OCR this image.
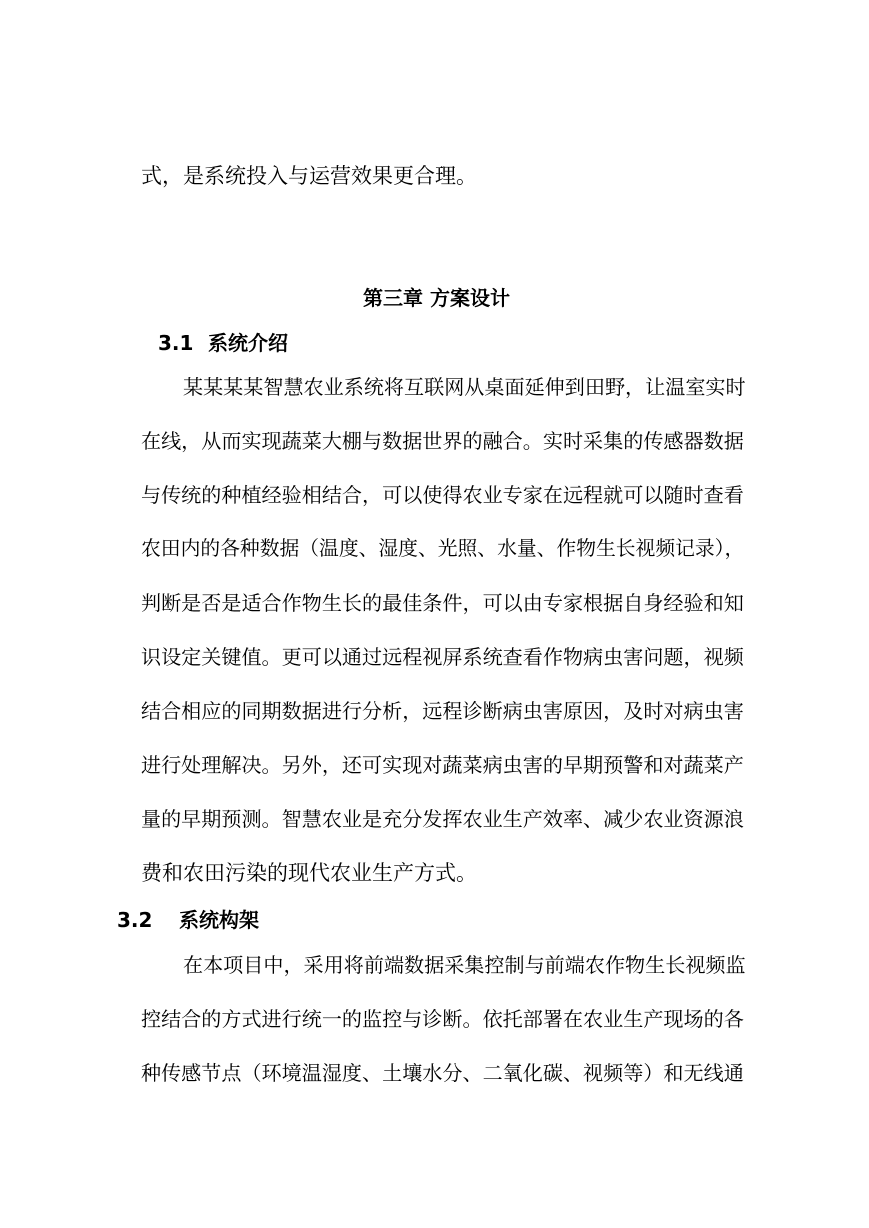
式，是系统投入与运营效果更合理。
第三章 方案设计
3.1 系统介绍
某某某某智慧农业系统将互联网从桌面延伸到田野，让温室实时
在线，从而实现蔬菜大棚与数据世界的融合。实时采集的传感器数据
与传统的种植经验相结合，可以使得农业专家在远程就可以随时查看
农田内的各种数据（温度、湿度、光照、水量、作物生长视频记录），
判断是否是适合作物生长的最佳条件，可以由专家根据自身经验和知
识设定关键值。更可以通过远程视屏系统查看作物病虫害问题，视频
结合相应的同期数据进行分析，远程诊断病虫害原因，及时对病虫害
进行处理解决。另外，还可实现对蔬菜病虫害的早期预警和对蔬菜产
量的早期预测。智慧农业是充分发挥农业生产效率、减少农业资源浪
费和农田污染的现代农业生产方式。
3.2 系统构架
在本项目中，采用将前端数据采集控制与前端农作物生长视频监
控结合的方式进行统一的监控与诊断。依托部署在农业生产现场的各
种传感节点（环境温湿度、土壤水分、二氧化碳、视频等）和无线通
